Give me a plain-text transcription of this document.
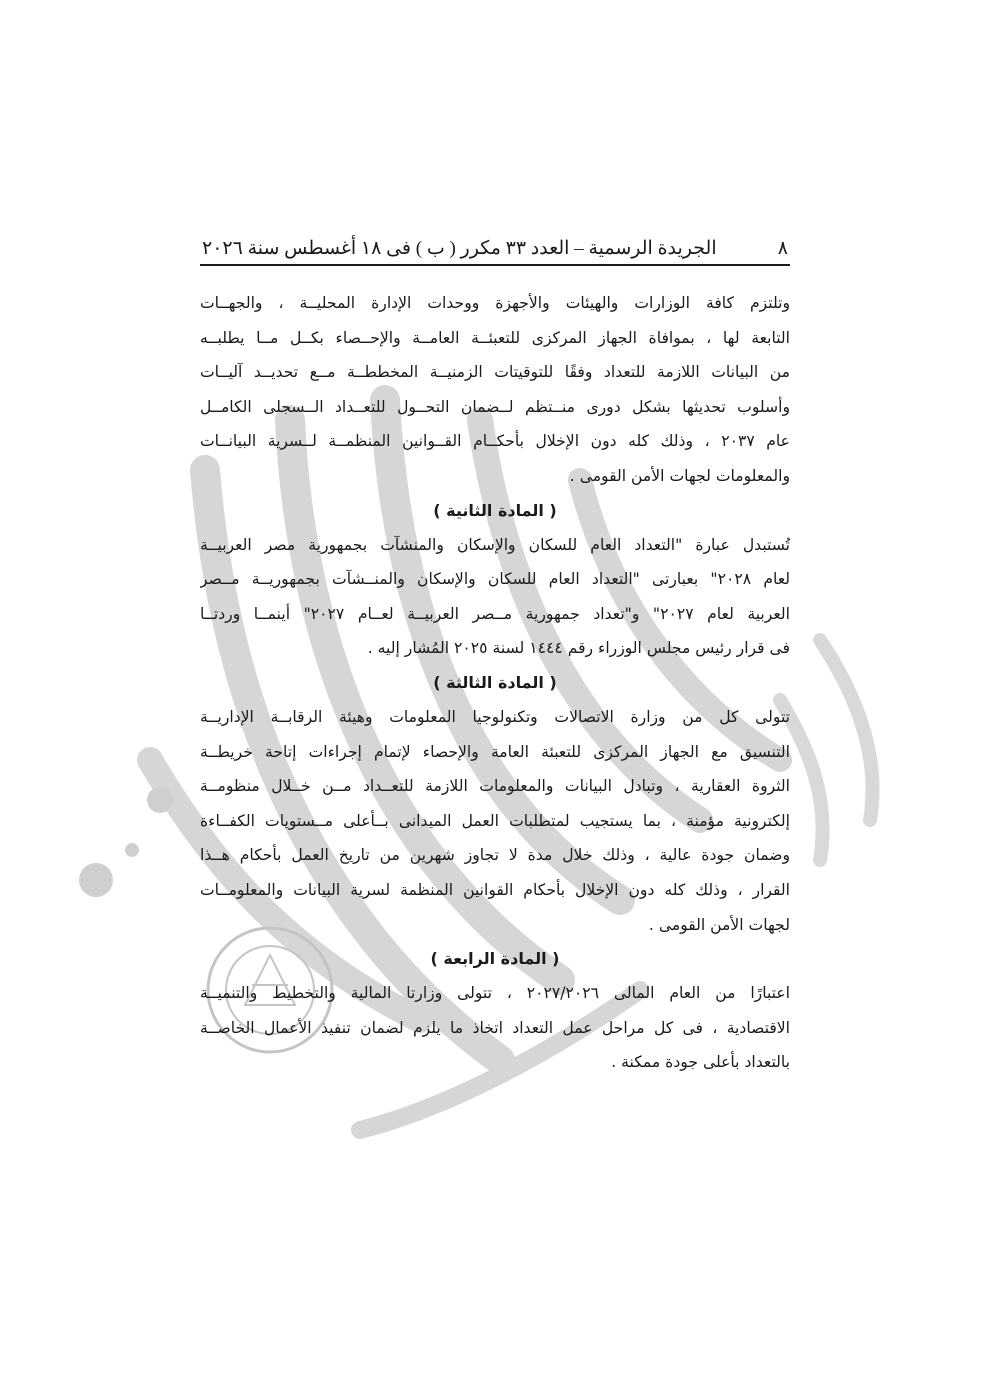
٨
الجريدة الرسمية – العدد ٣٣ مكرر ( ب ) فى ١٨ أغسطس سنة ٢٠٢٦

وتلتزم كافة الوزارات والهيئات والأجهزة ووحدات الإدارة المحليــة ، والجهــات
التابعة لها ، بموافاة الجهاز المركزى للتعبئــة العامــة والإحــصاء بكــل مــا يطلبــه
من البيانات اللازمة للتعداد وفقًا للتوقيتات الزمنيــة المخططــة مــع تحديــد آليــات
وأسلوب تحديثها بشكل دورى منــتظم لــضمان التحــول للتعــداد الــسجلى الكامــل
عام ٢٠٣٧ ، وذلك كله دون الإخلال بأحكــام القــوانين المنظمــة لــسرية البيانــات
والمعلومات لجهات الأمن القومى .

( المادة الثانية )

تُستبدل عبارة "التعداد العام للسكان والإسكان والمنشآت بجمهورية مصر العربيــة
لعام ٢٠٢٨" بعبارتى "التعداد العام للسكان والإسكان والمنــشآت بجمهوريــة مــصر
العربية لعام ٢٠٢٧" و"تعداد جمهورية مــصر العربيــة لعــام ٢٠٢٧" أينمــا وردتــا
فى قرار رئيس مجلس الوزراء رقم ١٤٤٤ لسنة ٢٠٢٥ المُشار إليه .

( المادة الثالثة )

تتولى كل من وزارة الاتصالات وتكنولوجيا المعلومات وهيئة الرقابــة الإداريــة
التنسيق مع الجهاز المركزى للتعبئة العامة والإحصاء لإتمام إجراءات إتاحة خريطــة
الثروة العقارية ، وتبادل البيانات والمعلومات اللازمة للتعــداد مــن خــلال منظومــة
إلكترونية مؤمنة ، بما يستجيب لمتطلبات العمل الميدانى بــأعلى مــستويات الكفــاءة
وضمان جودة عالية ، وذلك خلال مدة لا تجاوز شهرين من تاريخ العمل بأحكام هــذا
القرار ، وذلك كله دون الإخلال بأحكام القوانين المنظمة لسرية البيانات والمعلومــات
لجهات الأمن القومى .

( المادة الرابعة )

اعتبارًا من العام المالى ٢٠٢٧/٢٠٢٦ ، تتولى وزارتا المالية والتخطيط والتنميــة
الاقتصادية ، فى كل مراحل عمل التعداد اتخاذ ما يلزم لضمان تنفيذ الأعمال الخاصــة
بالتعداد بأعلى جودة ممكنة .
